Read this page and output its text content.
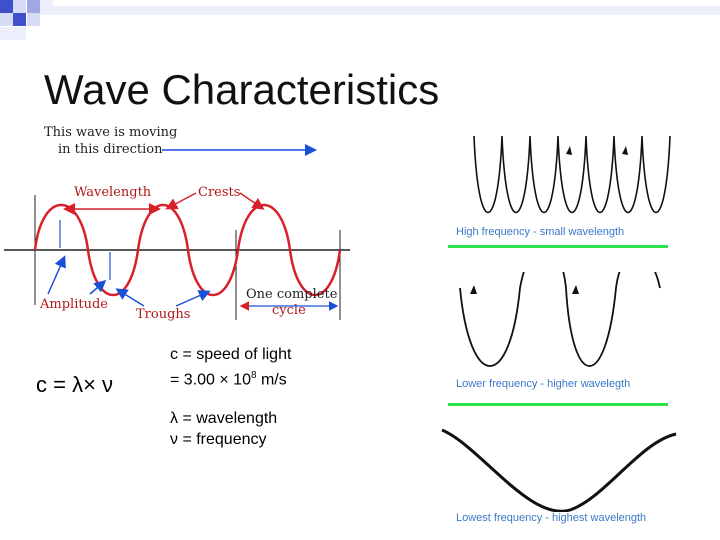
Wave Characteristics
This wave is moving
in this direction
Wavelength	Crests
Amplitude
Troughs
One complete
cycle
c = λ× ν
c = speed of light
= $3.00 \times 10^8$ m/s
λ = wavelength
ν = frequency
High frequency - small wavelength
Lower frequency - higher wavelegth
Lowest frequency - highest wavelength
